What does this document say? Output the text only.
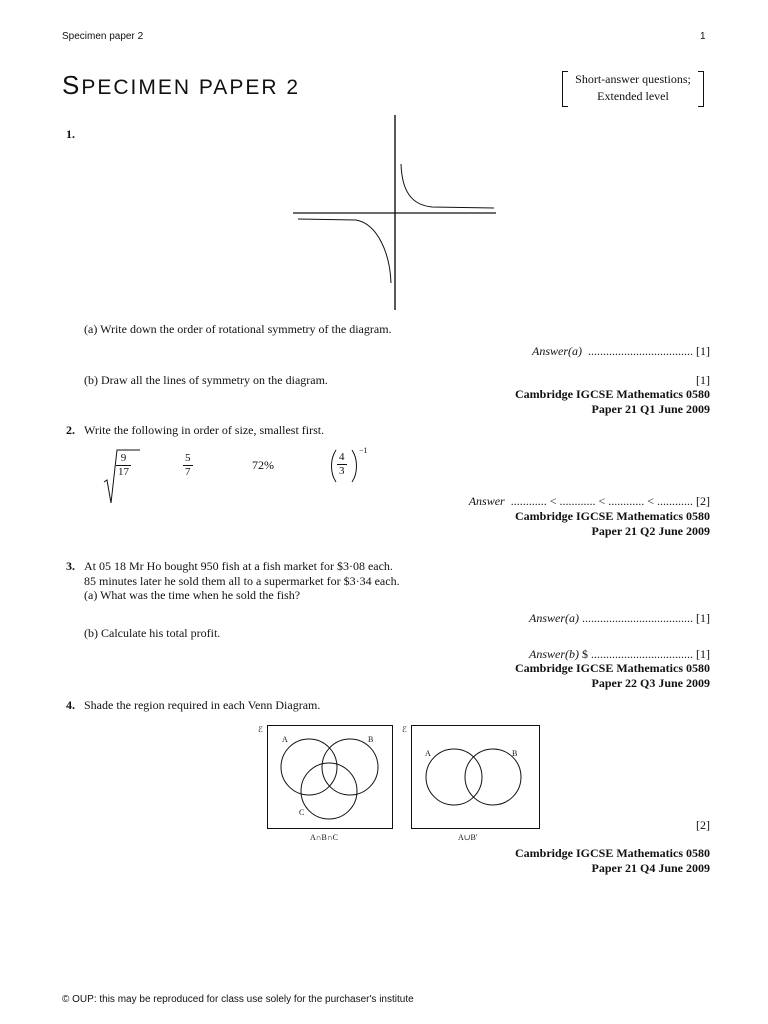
Specimen paper 2	1
SPECIMEN PAPER 2	Short-answer questions;
Extended level
1.
(a) Write down the order of rotational symmetry of the diagram.
Answer(a) ................................... [1]
(b) Draw all the lines of symmetry on the diagram.	[1]
Cambridge IGCSE Mathematics 0580
Paper 21 Q1 June 2009
2. Write the following in order of size, smallest first.
$\frac{9}{17}$	$\frac{5}{7}$	72%	$\frac{4}{3}$
−1
Answer ............ < ............ < ............ < ............ [2]
Cambridge IGCSE Mathematics 0580
Paper 21 Q2 June 2009
3. At 05 18 Mr Ho bought 950 fish at a fish market for $3·08 each.
85 minutes later he sold them all to a supermarket for $3·34 each.
(a) What was the time when he sold the fish?
Answer(a) ..................................... [1]
(b) Calculate his total profit.
Answer(b) $ .................................. [1]
Cambridge IGCSE Mathematics 0580
Paper 22 Q3 June 2009
4. Shade the region required in each Venn Diagram.
ℰ
A	B
C
A∩B∩C
ℰ
A	B
A∪B′
[2]
Cambridge IGCSE Mathematics 0580
Paper 21 Q4 June 2009
© OUP: this may be reproduced for class use solely for the purchaser's institute
